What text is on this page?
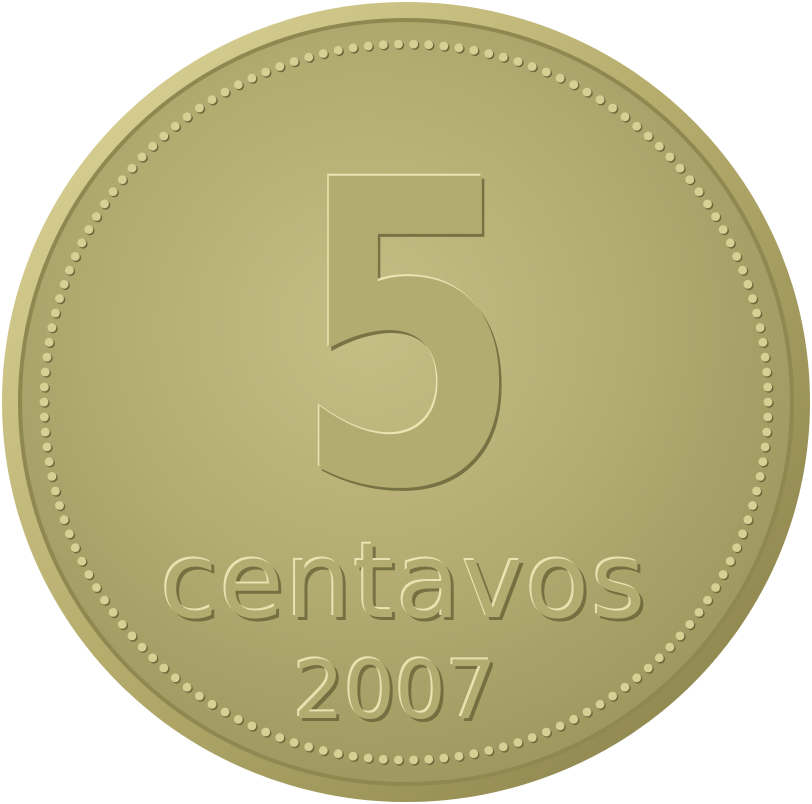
5
centavos
2007
